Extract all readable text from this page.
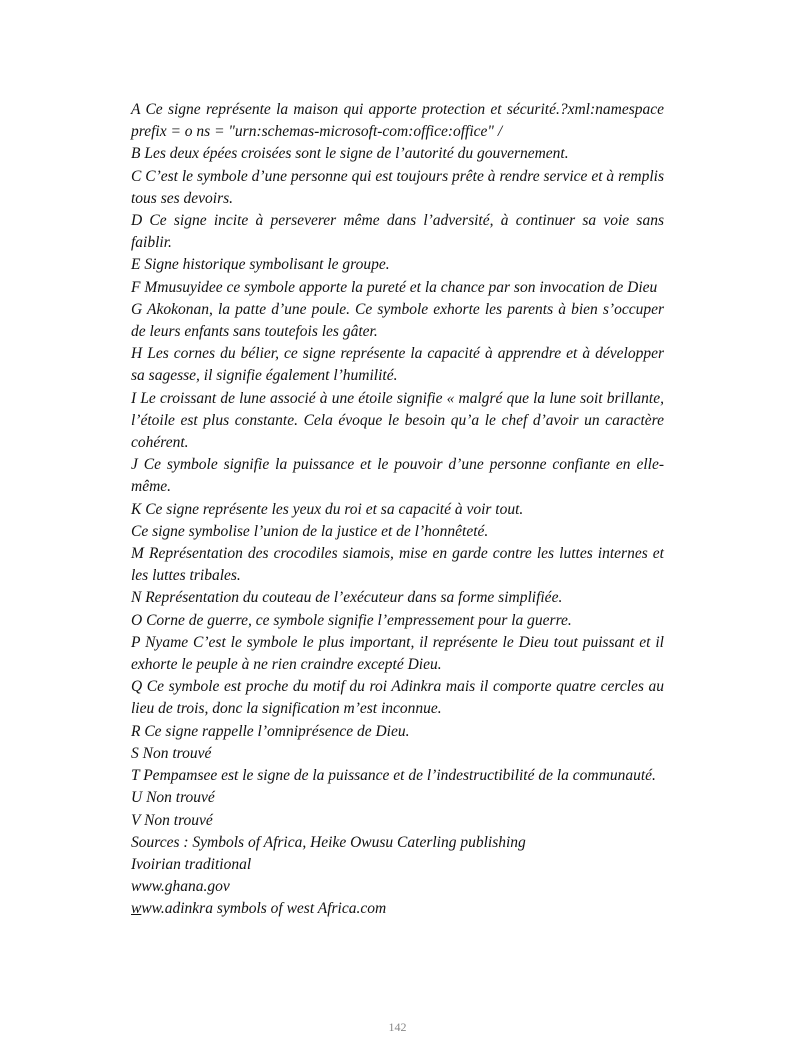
A Ce signe représente la maison qui apporte protection et sécurité.?xml:namespace prefix = o ns = "urn:schemas-microsoft-com:office:office" /

B Les deux épées croisées sont le signe de l’autorité du gouvernement.

C C’est le symbole d’une personne qui est toujours prête à rendre service et à remplis tous ses devoirs.

D Ce signe incite à perseverer même dans l’adversité, à continuer sa voie sans faiblir.

E Signe historique symbolisant le groupe.

F Mmusuyidee ce symbole apporte la pureté et la chance par son invocation de Dieu

G Akokonan, la patte d’une poule. Ce symbole exhorte les parents à bien s’occuper de leurs enfants sans toutefois les gâter.

H Les cornes du bélier, ce signe représente la capacité à apprendre et à développer sa sagesse, il signifie également l’humilité.

I Le croissant de lune associé à une étoile signifie « malgré que la lune soit brillante, l’étoile est plus constante. Cela évoque le besoin qu’a le chef d’avoir un caractère cohérent.

J Ce symbole signifie la puissance et le pouvoir d’une personne confiante en elle-même.

K Ce signe représente les yeux du roi et sa capacité à voir tout.

Ce signe symbolise l’union de la justice et de l’honnêteté.

M Représentation des crocodiles siamois, mise en garde contre les luttes internes et les luttes tribales.

N Représentation du couteau de l’exécuteur dans sa forme simplifiée.

O Corne de guerre, ce symbole signifie l’empressement pour la guerre.

P Nyame C’est le symbole le plus important, il représente le Dieu tout puissant et il exhorte le peuple à ne rien craindre excepté Dieu.

Q Ce symbole est proche du motif du roi Adinkra mais il comporte quatre cercles au lieu de trois, donc la signification m’est inconnue.

R Ce signe rappelle l’omniprésence de Dieu.

S Non trouvé

T Pempamsee est le signe de la puissance et de l’indestructibilité de la communauté.

U Non trouvé

V Non trouvé

Sources : Symbols of Africa, Heike Owusu Caterling publishing

Ivoirian traditional

www.ghana.gov

www.adinkra symbols of west Africa.com

142
